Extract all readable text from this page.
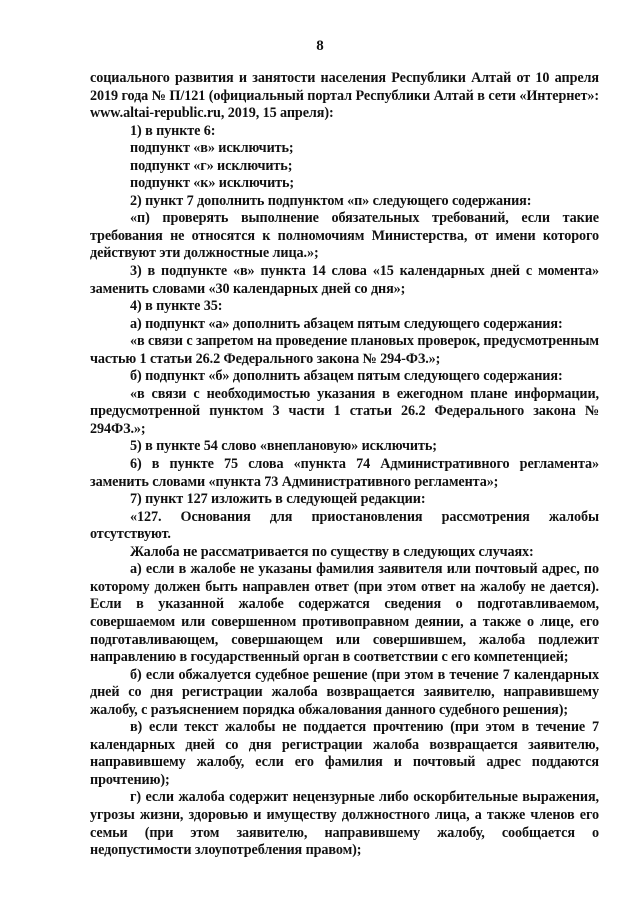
8

социального развития и занятости населения Республики Алтай от 10 апреля 2019 года № П/121 (официальный портал Республики Алтай в сети «Интернет»: www.altai-republic.ru, 2019, 15 апреля):

1) в пункте 6:

подпункт «в» исключить;

подпункт «г» исключить;

подпункт «к» исключить;

2) пункт 7 дополнить подпунктом «п» следующего содержания:

«п) проверять выполнение обязательных требований, если такие требования не относятся к полномочиям Министерства, от имени которого действуют эти должностные лица.»;

3) в подпункте «в» пункта 14 слова «15 календарных дней с момента» заменить словами «30 календарных дней со дня»;

4) в пункте 35:

а) подпункт «а» дополнить абзацем пятым следующего содержания:

«в связи с запретом на проведение плановых проверок, предусмотренным частью 1 статьи 26.2 Федерального закона № 294-ФЗ.»;

б) подпункт «б» дополнить абзацем пятым следующего содержания:

«в связи с необходимостью указания в ежегодном плане информации, предусмотренной пунктом 3 части 1 статьи 26.2 Федерального закона № 294ФЗ.»;

5) в пункте 54 слово «внеплановую» исключить;

6) в пункте 75 слова «пункта 74 Административного регламента» заменить словами «пункта 73 Административного регламента»;

7) пункт 127 изложить в следующей редакции:

«127. Основания для приостановления рассмотрения жалобы отсутствуют.

Жалоба не рассматривается по существу в следующих случаях:

а) если в жалобе не указаны фамилия заявителя или почтовый адрес, по которому должен быть направлен ответ (при этом ответ на жалобу не дается). Если в указанной жалобе содержатся сведения о подготавливаемом, совершаемом или совершенном противоправном деянии, а также о лице, его подготавливающем, совершающем или совершившем, жалоба подлежит направлению в государственный орган в соответствии с его компетенцией;

б) если обжалуется судебное решение (при этом в течение 7 календарных дней со дня регистрации жалоба возвращается заявителю, направившему жалобу, с разъяснением порядка обжалования данного судебного решения);

в) если текст жалобы не поддается прочтению (при этом в течение 7 календарных дней со дня регистрации жалоба возвращается заявителю, направившему жалобу, если его фамилия и почтовый адрес поддаются прочтению);

г) если жалоба содержит нецензурные либо оскорбительные выражения, угрозы жизни, здоровью и имуществу должностного лица, а также членов его семьи (при этом заявителю, направившему жалобу, сообщается о недопустимости злоупотребления правом);
